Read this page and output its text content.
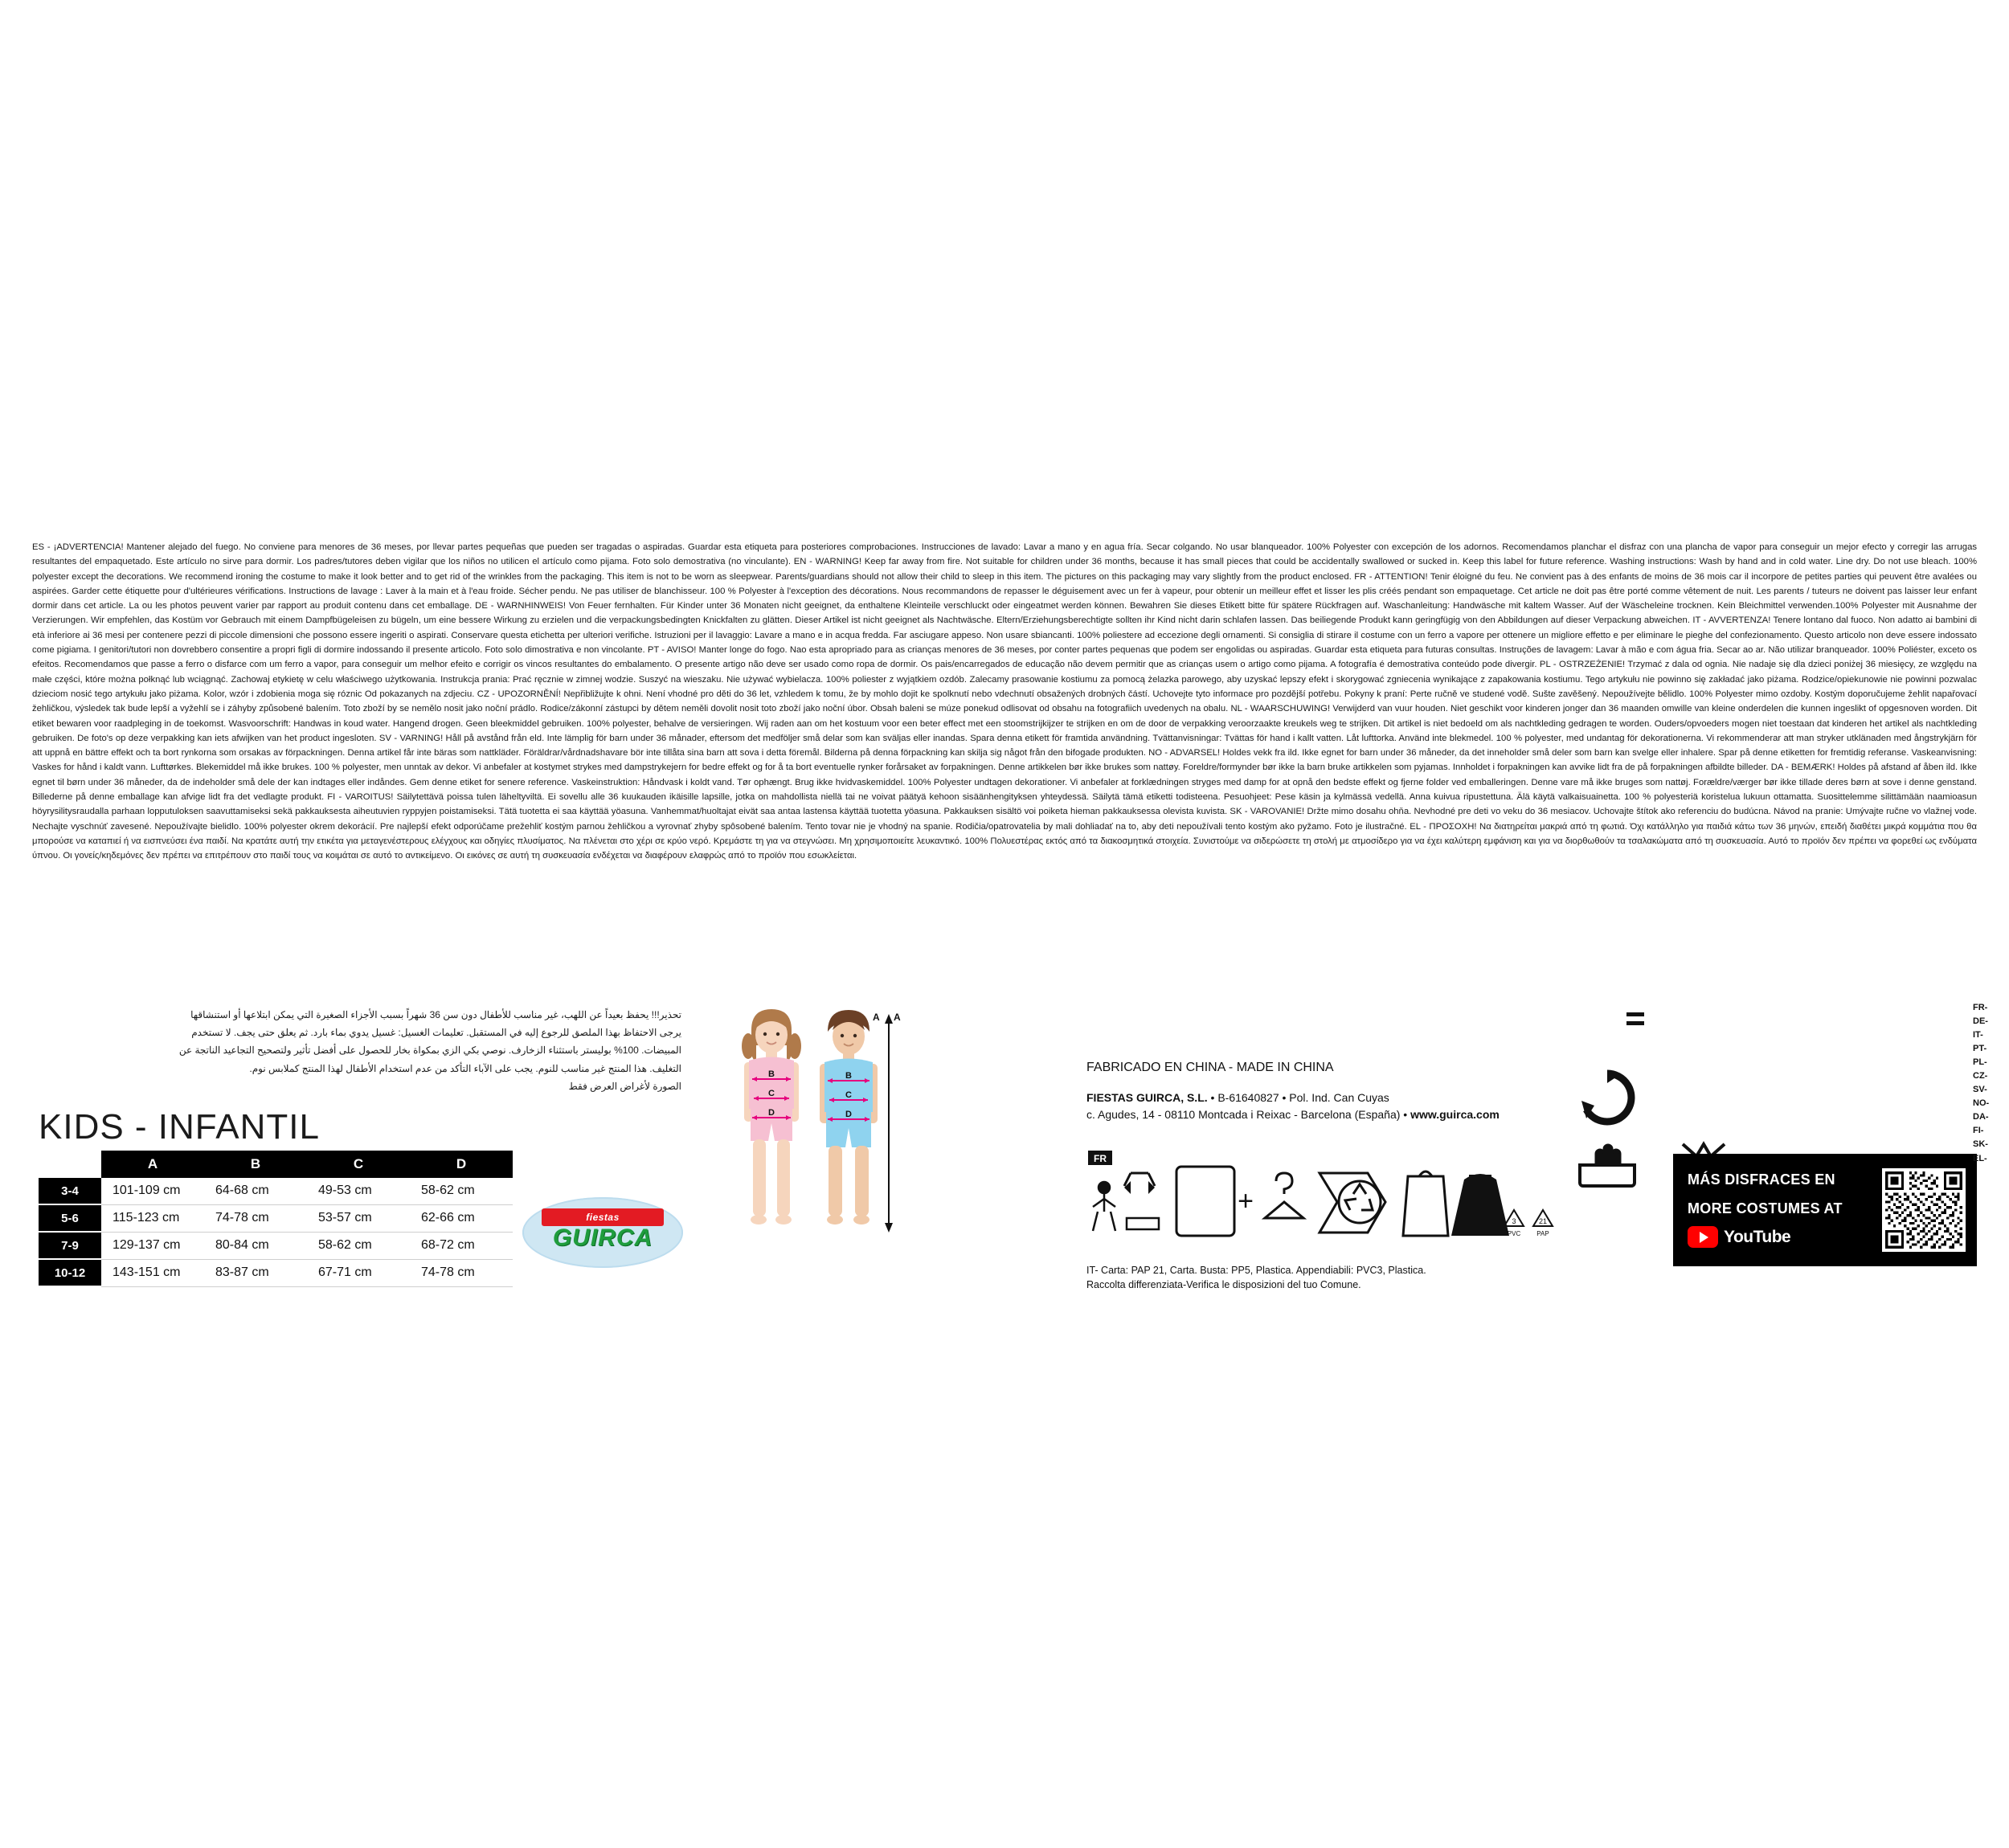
ES - ¡ADVERTENCIA! Mantener alejado del fuego. No conviene para menores de 36 meses, por llevar partes pequeñas que pueden ser tragadas o aspiradas. Guardar esta etiqueta para posteriores comprobaciones. Instrucciones de lavado: Lavar a mano y en agua fría. Secar colgando. No usar blanqueador. 100% Polyester con excepción de los adornos. Recomendamos planchar el disfraz con una plancha de vapor para conseguir un mejor efecto y corregir las arrugas resultantes del empaquetado. Este artículo no sirve para dormir. Los padres/tutores deben vigilar que los niños no utilicen el artículo como pijama. Foto solo demostrativa (no vinculante). EN - WARNING! Keep far away from fire. Not suitable for children under 36 months, because it has small pieces that could be accidentally swallowed or sucked in. Keep this label for future reference. Washing instructions: Wash by hand and in cold water. Line dry. Do not use bleach. 100% polyester except the decorations. We recommend ironing the costume to make it look better and to get rid of the wrinkles from the packaging. This item is not to be worn as sleepwear. Parents/guardians should not allow their child to sleep in this item. The pictures on this packaging may vary slightly from the product enclosed. FR - ATTENTION! Tenir éloigné du feu. Ne convient pas à des enfants de moins de 36 mois car il incorpore de petites parties qui peuvent être avalées ou aspirées. Garder cette étiquette pour d'ultérieures vérifications. Instructions de lavage : Laver à la main et à l'eau froide. Sécher pendu. Ne pas utiliser de blanchisseur. 100 % Polyester à l'exception des décorations. Nous recommandons de repasser le déguisement avec un fer à vapeur, pour obtenir un meilleur effet et lisser les plis créés pendant son empaquetage. Cet article ne doit pas être porté comme vêtement de nuit. Les parents / tuteurs ne doivent pas laisser leur enfant dormir dans cet article. La ou les photos peuvent varier par rapport au produit contenu dans cet emballage. DE - WARNHINWEIS! Von Feuer fernhalten. Für Kinder unter 36 Monaten nicht geeignet, da enthaltene Kleinteile verschluckt oder eingeatmet werden können. Bewahren Sie dieses Etikett bitte für spätere Rückfragen auf. Waschanleitung: Handwäsche mit kaltem Wasser. Auf der Wäscheleine trocknen. Kein Bleichmittel verwenden.100% Polyester mit Ausnahme der Verzierungen. Wir empfehlen, das Kostüm vor Gebrauch mit einem Dampfbügeleisen zu bügeln, um eine bessere Wirkung zu erzielen und die verpackungsbedingten Knickfalten zu glätten. Dieser Artikel ist nicht geeignet als Nachtwäsche. Eltern/Erziehungsberechtigte sollten ihr Kind nicht darin schlafen lassen. Das beiliegende Produkt kann geringfügig von den Abbildungen auf dieser Verpackung abweichen. IT - AVVERTENZA! Tenere lontano dal fuoco. Non adatto ai bambini di età inferiore ai 36 mesi per contenere pezzi di piccole dimensioni che possono essere ingeriti o aspirati. Conservare questa etichetta per ulteriori verifiche. Istruzioni per il lavaggio: Lavare a mano e in acqua fredda. Far asciugare appeso. Non usare sbiancanti. 100% poliestere ad eccezione degli ornamenti. Si consiglia di stirare il costume con un ferro a vapore per ottenere un migliore effetto e per eliminare le pieghe del confezionamento. Questo articolo non deve essere indossato come pigiama. I genitori/tutori non dovrebbero consentire a propri figli di dormire indossando il presente articolo. Foto solo dimostrativa e non vincolante. PT - AVISO! Manter longe do fogo. Nao esta apropriado para as crianças menores de 36 meses, por conter partes pequenas que podem ser engolidas ou aspiradas. Guardar esta etiqueta para futuras consultas. Instruções de lavagem: Lavar à mão e com água fria. Secar ao ar. Não utilizar branqueador. 100% Poliéster, exceto os efeitos. Recomendamos que passe a ferro o disfarce com um ferro a vapor, para conseguir um melhor efeito e corrigir os vincos resultantes do embalamento. O presente artigo não deve ser usado como ropa de dormir. Os pais/encarregados de educação não devem permitir que as crianças usem o artigo como pijama. A fotografía é demostrativa conteúdo pode divergir. PL - OSTRZEŻENIE! Trzymać z dala od ognia. Nie nadaje się dla dzieci poniżej 36 miesięcy, ze względu na małe części, które można połknąć lub wciągnąć. Zachowaj etykietę w celu właściwego użytkowania. Instrukcja prania: Prać ręcznie w zimnej wodzie. Suszyć na wieszaku. Nie używać wybielacza. 100% poliester z wyjątkiem ozdób. Zalecamy prasowanie kostiumu za pomocą żelazka parowego, aby uzyskać lepszy efekt i skorygować zgniecenia wynikające z zapakowania kostiumu. Tego artykułu nie powinno się zakładać jako piżama. Rodzice/opiekunowie nie powinni pozwalac dzieciom nosić tego artykułu jako piżama. Kolor, wzór i zdobienia moga się róznic Od pokazanych na zdjeciu. CZ - UPOZORNĚNÍ! Nepřibližujte k ohni. Není vhodné pro děti do 36 let, vzhledem k tomu, že by mohlo dojit ke spolknutí nebo vdechnutí obsažených drobných částí. Uchovejte tyto informace pro pozdější potřebu. Pokyny k praní: Perte ručně ve studené vodě. Sušte zavěšený. Nepoužívejte bělidlo. 100% Polyester mimo ozdoby. Kostým doporučujeme žehlit napařovací žehličkou, výsledek tak bude lepší a vyžehlí se i záhyby způsobené balením. Toto zboží by se nemělo nosit jako noční prádlo. Rodice/zákonní zástupci by dětem neměli dovolit nosit toto zboží jako noční úbor. Obsah baleni se múze ponekud odlisovat od obsahu na fotografiich uvedenych na obalu. NL - WAARSCHUWING! Verwijderd van vuur houden. Niet geschikt voor kinderen jonger dan 36 maanden omwille van kleine onderdelen die kunnen ingeslikt of opgesnoven worden. Dit etiket bewaren voor raadpleging in de toekomst. Wasvoorschrift: Handwas in koud water. Hangend drogen. Geen bleekmiddel gebruiken. 100% polyester, behalve de versieringen. Wij raden aan om het kostuum voor een beter effect met een stoomstrijkijzer te strijken en om de door de verpakking veroorzaakte kreukels weg te strijken. Dit artikel is niet bedoeld om als nachtkleding gedragen te worden. Ouders/opvoeders mogen niet toestaan dat kinderen het artikel als nachtkleding gebruiken. De foto's op deze verpakking kan iets afwijken van het product ingesloten. SV - VARNING! Håll på avstånd från eld. Inte lämplig för barn under 36 månader, eftersom det medföljer små delar som kan sväljas eller inandas. Spara denna etikett för framtida användning. Tvättanvisningar: Tvättas för hand i kallt vatten. Låt lufttorka. Använd inte blekmedel. 100 % polyester, med undantag för dekorationerna. Vi rekommenderar att man stryker utklänaden med ångstrykjärn för att uppnå en bättre effekt och ta bort rynkorna som orsakas av förpackningen. Denna artikel får inte bäras som nattkläder. Föräldrar/vårdnadshavare bör inte tillåta sina barn att sova i detta föremål. Bilderna på denna förpackning kan skilja sig något från den bifogade produkten. NO - ADVARSEL! Holdes vekk fra ild. Ikke egnet for barn under 36 måneder, da det inneholder små deler som barn kan svelge eller inhalere. Spar på denne etiketten for fremtidig referanse. Vaskeanvisning: Vaskes for hånd i kaldt vann. Lufttørkes. Blekemiddel må ikke brukes. 100 % polyester, men unntak av dekor. Vi anbefaler at kostymet strykes med dampstrykejern for bedre effekt og for å ta bort eventuelle rynker forårsaket av forpakningen. Denne artikkelen bør ikke brukes som nattøy. Foreldre/formynder bør ikke la barn bruke artikkelen som pyjamas. Innholdet i forpakningen kan avvike lidt fra de på forpakningen afbildte billeder. DA - BEMÆRK! Holdes på afstand af åben ild. Ikke egnet til børn under 36 måneder, da de indeholder små dele der kan indtages eller indåndes. Gem denne etiket for senere reference. Vaskeinstruktion: Håndvask i koldt vand. Tør ophængt. Brug ikke hvidvaskemiddel. 100% Polyester undtagen dekorationer. Vi anbefaler at forklædningen stryges med damp for at opnå den bedste effekt og fjerne folder ved emballeringen. Denne vare må ikke bruges som nattøj. Forældre/værger bør ikke tillade deres børn at sove i denne genstand. Billederne på denne emballage kan afvige lidt fra det vedlagte produkt. FI - VAROITUS! Säilytettävä poissa tulen läheltyviltä. Ei sovellu alle 36 kuukauden ikäisille lapsille, jotka on mahdollista niellä tai ne voivat päätyä kehoon sisäänhengityksen yhteydessä. Säilytä tämä etiketti todisteena. Pesuohjeet: Pese käsin ja kylmässä vedellä. Anna kuivua ripustettuna. Älä käytä valkaisuainetta. 100 % polyesteriä koristelua lukuun ottamatta. Suosittelemme silittämään naamioasun höyrysilitysraudalla parhaan lopputuloksen saavuttamiseksi sekä pakkauksesta aiheutuvien ryppyjen poistamiseksi. Tätä tuotetta ei saa käyttää yöasuna. Vanhemmat/huoltajat eivät saa antaa lastensa käyttää tuotetta yöasuna. Pakkauksen sisältö voi poiketa hieman pakkauksessa olevista kuvista. SK - VAROVANIE! Držte mimo dosahu ohňa. Nevhodné pre deti vo veku do 36 mesiacov. Uchovajte štítok ako referenciu do budúcna. Návod na pranie: Umývajte ručne vo vlažnej vode. Nechajte vyschnúť zavesené. Nepoužívajte bielidlo. 100% polyester okrem dekorácií. Pre najlepší efekt odporúčame prežehliť kostým parnou žehličkou a vyrovnať zhyby spôsobené balením. Tento tovar nie je vhodný na spanie. Rodičia/opatrovatelia by mali dohliadať na to, aby deti nepoužívali tento kostým ako pyžamo. Foto je ilustračné. EL - ΠΡΟΣΟΧΗ! Να διατηρείται μακριά από τη φωτιά. Όχι κατάλληλο για παιδιά κάτω των 36 μηνών, επειδή διαθέτει μικρά κομμάτια που θα μπορούσε να καταπιεί ή να εισπνεύσει ένα παιδί. Να κρατάτε αυτή την ετικέτα για μεταγενέστερους ελέγχους και οδηγίες πλυσίματος. Να πλένεται στο χέρι σε κρύο νερό. Κρεμάστε τη για να στεγνώσει. Μη χρησιμοποιείτε λευκαντικό. 100% Πολυεστέρας εκτός από τα διακοσμητικά στοιχεία. Συνιστούμε να σιδερώσετε τη στολή με ατμοσίδερο για να έχει καλύτερη εμφάνιση και για να διορθωθούν τα τσαλακώματα από τη συσκευασία. Αυτό το προϊόν δεν πρέπει να φορεθεί ως ενδύματα ύπνου. Οι γονείς/κηδεμόνες δεν πρέπει να επιτρέπουν στο παιδί τους να κοιμάται σε αυτό το αντικείμενο. Οι εικόνες σε αυτή τη συσκευασία ενδέχεται να διαφέρουν ελαφρώς από το προϊόν που εσωκλείεται.
تحذير!!! يحفظ بعيداً عن اللهب، غير مناسب للأطفال دون سن 36 شهراً بسبب الأجزاء الصغيرة التي يمكن ابتلاعها أو استنشاقها
يرجى الاحتفاظ بهذا الملصق للرجوع إليه في المستقبل. تعليمات الغسيل: غسيل يدوي بماء بارد. ثم يعلق حتى يجف. لا تستخدم
المبيضات. 100% بوليستر باستثناء الزخارف. نوصي بكي الزي بمكواة بخار للحصول على أفضل تأثير ولتصحيح التجاعيد الناتجة عن
التغليف. هذا المنتج غير مناسب للنوم. يجب على الآباء التأكد من عدم استخدام الأطفال لهذا المنتج كملابس نوم.
الصورة لأغراض العرض فقط
KIDS - INFANTIL
	A	B	C	D
3-4	101-109 cm	64-68 cm	49-53 cm	58-62 cm
5-6	115-123 cm	74-78 cm	53-57 cm	62-66 cm
7-9	129-137 cm	80-84 cm	58-62 cm	68-72 cm
10-12	143-151 cm	83-87 cm	67-71 cm	74-78 cm
fiestas
GUIRCA
B
C
D
B
C
D
A A
FABRICADO EN CHINA - MADE IN CHINA
FIESTAS GUIRCA, S.L. • B-61640827 • Pol. Ind. Can Cuyas
c. Agudes, 14 - 08110 Montcada i Reixac - Barcelona (España) • www.guirca.com
FR
+
3
PVC
21
PAP
IT- Carta: PAP 21, Carta. Busta: PP5, Plastica. Appendiabili: PVC3, Plastica.
Raccolta differenziata-Verifica le disposizioni del tuo Comune.
MÁS DISFRACES EN
MORE COSTUMES AT
YouTube
FR-
DE-
IT-
PT-
PL-
CZ-
SV-
NO-
DA-
FI-
SK-
EL-
